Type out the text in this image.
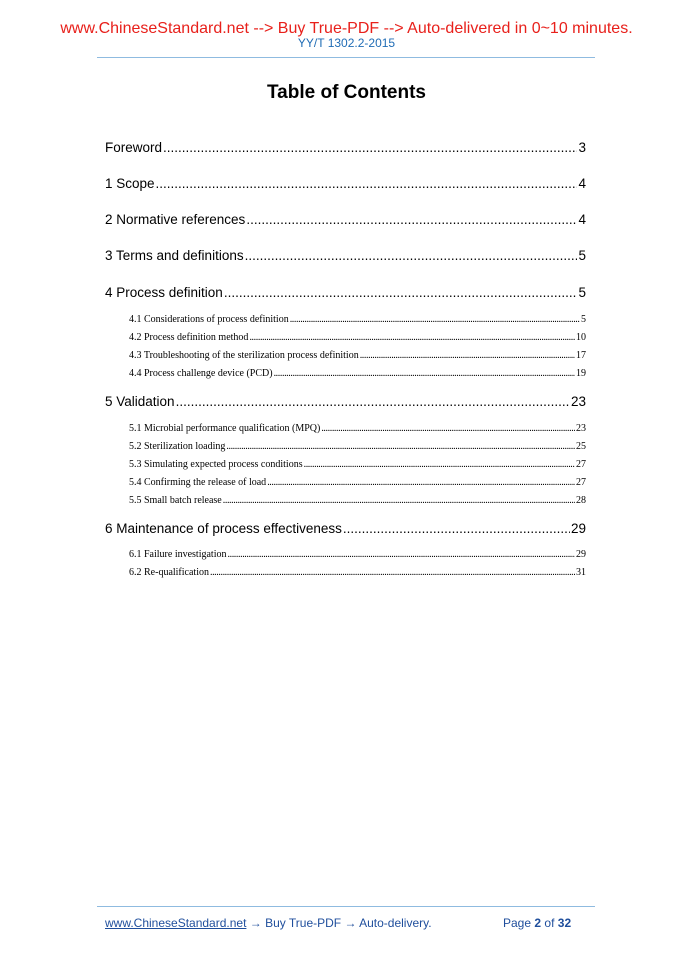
www.ChineseStandard.net --> Buy True-PDF --> Auto-delivered in 0~10 minutes.
YY/T 1302.2-2015
Table of Contents
Foreword .....	3
1 Scope .....	4
2 Normative references .....	4
3 Terms and definitions .....	5
4 Process definition .....	5
4.1 Considerations of process definition .....	5
4.2 Process definition method .....	10
4.3 Troubleshooting of the sterilization process definition .....	17
4.4 Process challenge device (PCD) .....	19
5 Validation .....	23
5.1 Microbial performance qualification (MPQ) .....	23
5.2 Sterilization loading .....	25
5.3 Simulating expected process conditions .....	27
5.4 Confirming the release of load .....	27
5.5 Small batch release .....	28
6 Maintenance of process effectiveness .....	29
6.1 Failure investigation .....	29
6.2 Re-qualification .....	31
www.ChineseStandard.net → Buy True-PDF → Auto-delivery.	Page 2 of 32
